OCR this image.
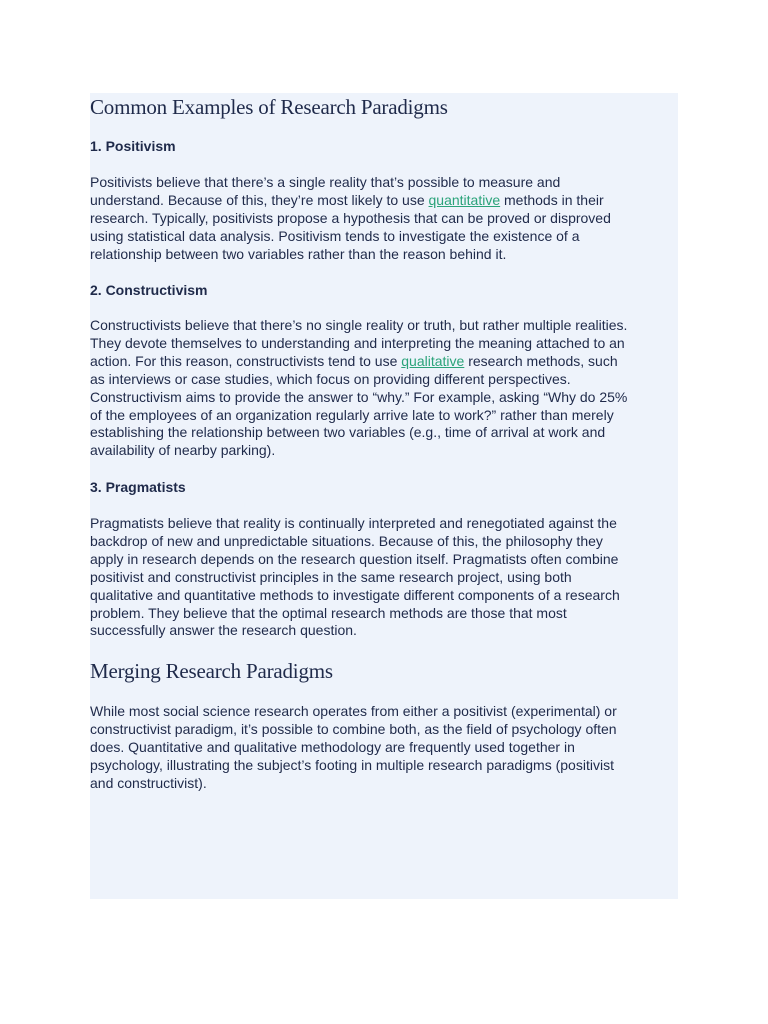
Common Examples of Research Paradigms
1. Positivism

Positivists believe that there’s a single reality that’s possible to measure and
understand. Because of this, they’re most likely to use quantitative methods in their
research. Typically, positivists propose a hypothesis that can be proved or disproved
using statistical data analysis. Positivism tends to investigate the existence of a
relationship between two variables rather than the reason behind it.

2. Constructivism

Constructivists believe that there’s no single reality or truth, but rather multiple realities.
They devote themselves to understanding and interpreting the meaning attached to an
action. For this reason, constructivists tend to use qualitative research methods, such
as interviews or case studies, which focus on providing different perspectives.
Constructivism aims to provide the answer to “why.” For example, asking “Why do 25%
of the employees of an organization regularly arrive late to work?” rather than merely
establishing the relationship between two variables (e.g., time of arrival at work and
availability of nearby parking).

3. Pragmatists

Pragmatists believe that reality is continually interpreted and renegotiated against the
backdrop of new and unpredictable situations. Because of this, the philosophy they
apply in research depends on the research question itself. Pragmatists often combine
positivist and constructivist principles in the same research project, using both
qualitative and quantitative methods to investigate different components of a research
problem. They believe that the optimal research methods are those that most
successfully answer the research question.

Merging Research Paradigms

While most social science research operates from either a positivist (experimental) or
constructivist paradigm, it’s possible to combine both, as the field of psychology often
does. Quantitative and qualitative methodology are frequently used together in
psychology, illustrating the subject’s footing in multiple research paradigms (positivist
and constructivist).
